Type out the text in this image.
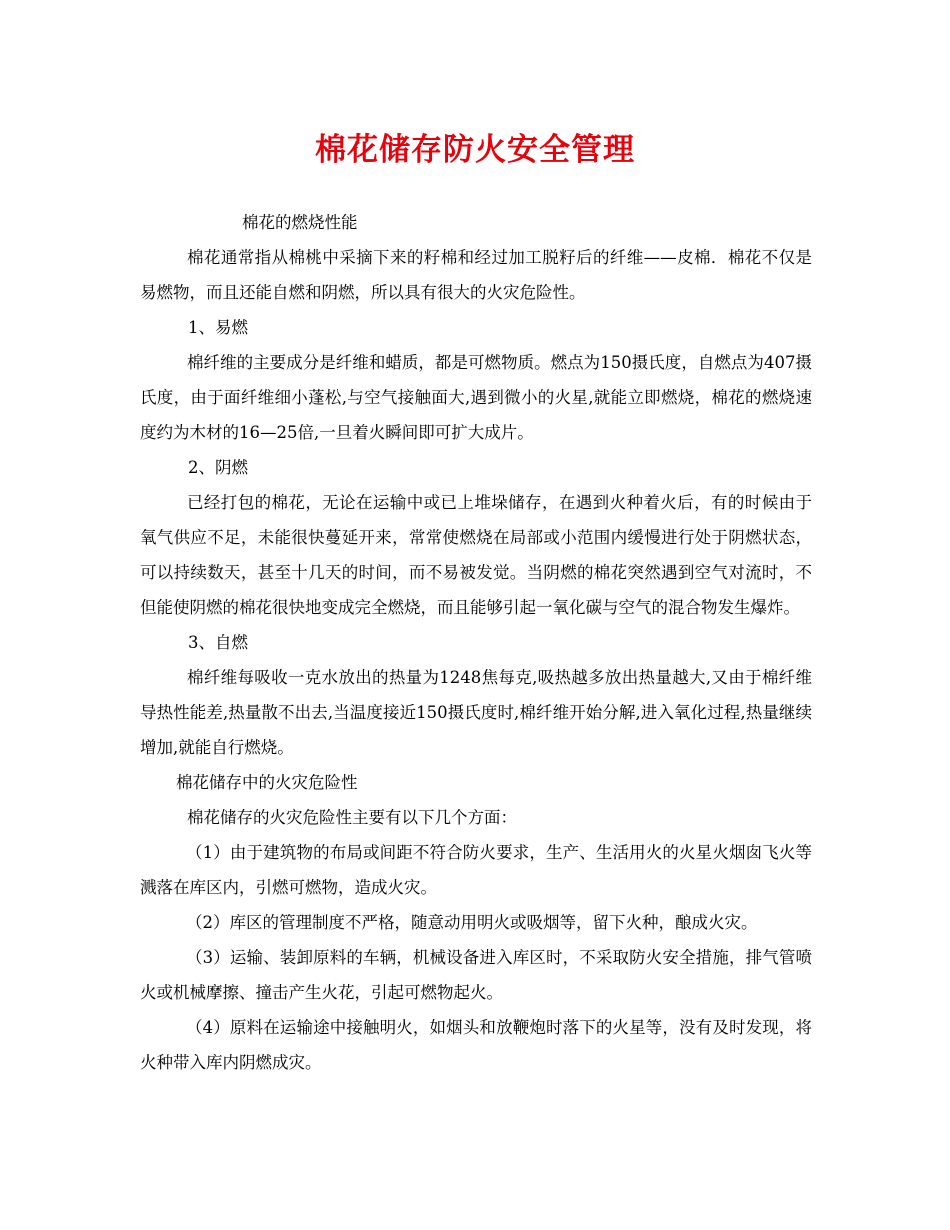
棉花储存防火安全管理

棉花的燃烧性能

棉花通常指从棉桃中采摘下来的籽棉和经过加工脱籽后的纤维——皮棉．棉花不仅是易燃物，而且还能自燃和阴燃，所以具有很大的火灾危险性。

1、易燃

棉纤维的主要成分是纤维和蜡质，都是可燃物质。燃点为150摄氏度，自燃点为407摄氏度，由于面纤维细小蓬松,与空气接触面大,遇到微小的火星,就能立即燃烧，棉花的燃烧速度约为木材的16—25倍,一旦着火瞬间即可扩大成片。

2、阴燃

已经打包的棉花，无论在运输中或已上堆垛储存，在遇到火种着火后，有的时候由于氧气供应不足，未能很快蔓延开来，常常使燃烧在局部或小范围内缓慢进行处于阴燃状态，可以持续数天，甚至十几天的时间，而不易被发觉。当阴燃的棉花突然遇到空气对流时，不但能使阴燃的棉花很快地变成完全燃烧，而且能够引起一氧化碳与空气的混合物发生爆炸。

3、自燃

棉纤维每吸收一克水放出的热量为1248焦每克,吸热越多放出热量越大,又由于棉纤维导热性能差,热量散不出去,当温度接近150摄氏度时,棉纤维开始分解,进入氧化过程,热量继续增加,就能自行燃烧。

棉花储存中的火灾危险性

棉花储存的火灾危险性主要有以下几个方面：

（1）由于建筑物的布局或间距不符合防火要求，生产、生活用火的火星火烟囱飞火等溅落在库区内，引燃可燃物，造成火灾。

（2）库区的管理制度不严格，随意动用明火或吸烟等，留下火种，酿成火灾。

（3）运输、装卸原料的车辆，机械设备进入库区时，不采取防火安全措施，排气管喷火或机械摩擦、撞击产生火花，引起可燃物起火。

（4）原料在运输途中接触明火，如烟头和放鞭炮时落下的火星等，没有及时发现，将火种带入库内阴燃成灾。
